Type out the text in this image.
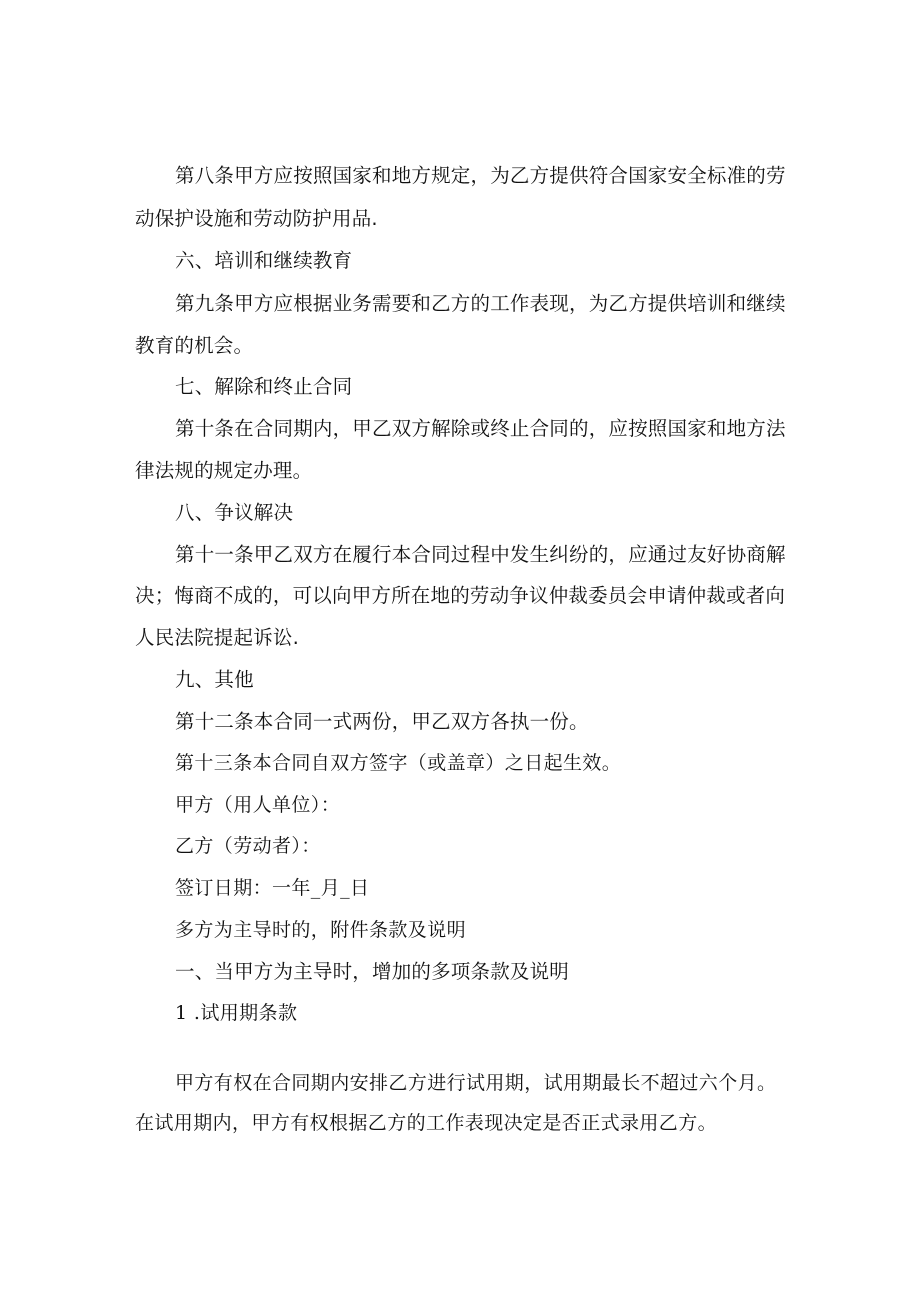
第八条甲方应按照国家和地方规定，为乙方提供符合国家安全标准的劳

动保护设施和劳动防护用品.

六、培训和继续教育

第九条甲方应根据业务需要和乙方的工作表现，为乙方提供培训和继续

教育的机会。

七、解除和终止合同

第十条在合同期内，甲乙双方解除或终止合同的，应按照国家和地方法

律法规的规定办理。

八、争议解决

第十一条甲乙双方在履行本合同过程中发生纠纷的，应通过友好协商解

决；悔商不成的，可以向甲方所在地的劳动争议仲裁委员会申请仲裁或者向

人民法院提起诉讼.

九、其他

第十二条本合同一式两份，甲乙双方各执一份。

第十三条本合同自双方签字（或盖章）之日起生效。

甲方（用人单位）：

乙方（劳动者）：

签订日期：一年_月_日

多方为主导时的，附件条款及说明

一、当甲方为主导时，增加的多项条款及说明

1 .试用期条款

甲方有权在合同期内安排乙方进行试用期，试用期最长不超过六个月。

在试用期内，甲方有权根据乙方的工作表现决定是否正式录用乙方。
